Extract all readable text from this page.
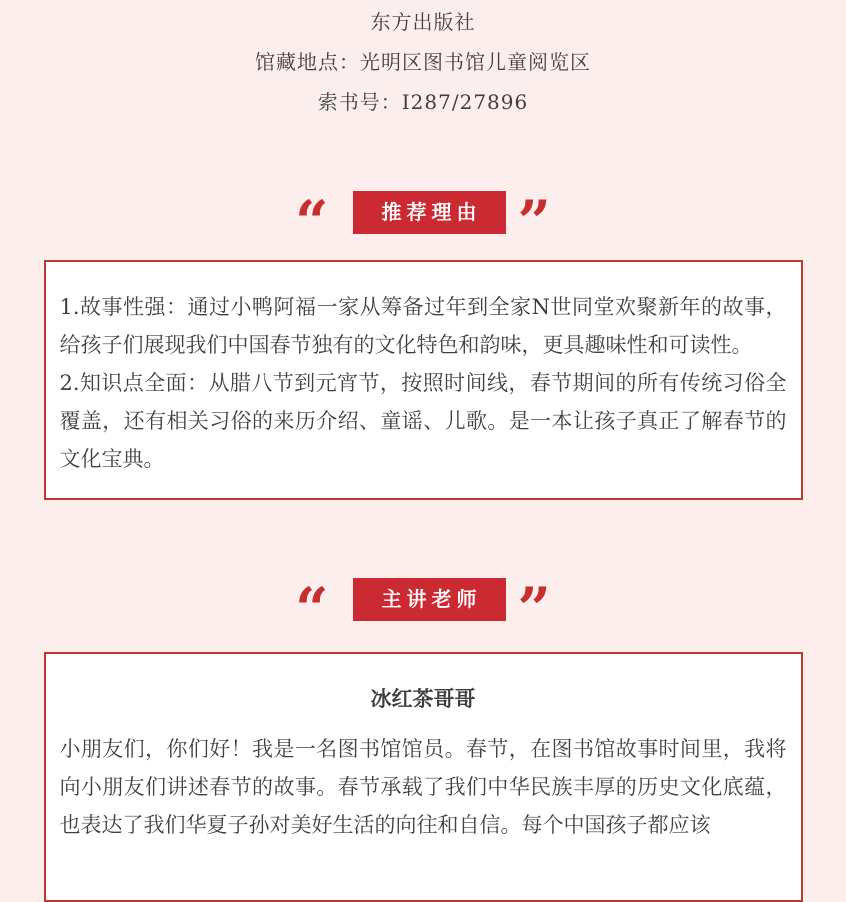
东方出版社

馆藏地点：光明区图书馆儿童阅览区

索书号：I287/27896

“	推荐理由 ”

1.故事性强：通过小鸭阿福一家从筹备过年到全家N世同堂欢聚新年的故事，给孩子们展现我们中国春节独有的文化特色和韵味，更具趣味性和可读性。

2.知识点全面：从腊八节到元宵节，按照时间线，春节期间的所有传统习俗全覆盖，还有相关习俗的来历介绍、童谣、儿歌。是一本让孩子真正了解春节的文化宝典。

“	主讲老师 ”
冰红茶哥哥

小朋友们，你们好！我是一名图书馆馆员。春节，在图书馆故事时间里，我将向小朋友们讲述春节的故事。春节承载了我们中华民族丰厚的历史文化底蕴，也表达了我们华夏子孙对美好生活的向往和自信。每个中国孩子都应该
